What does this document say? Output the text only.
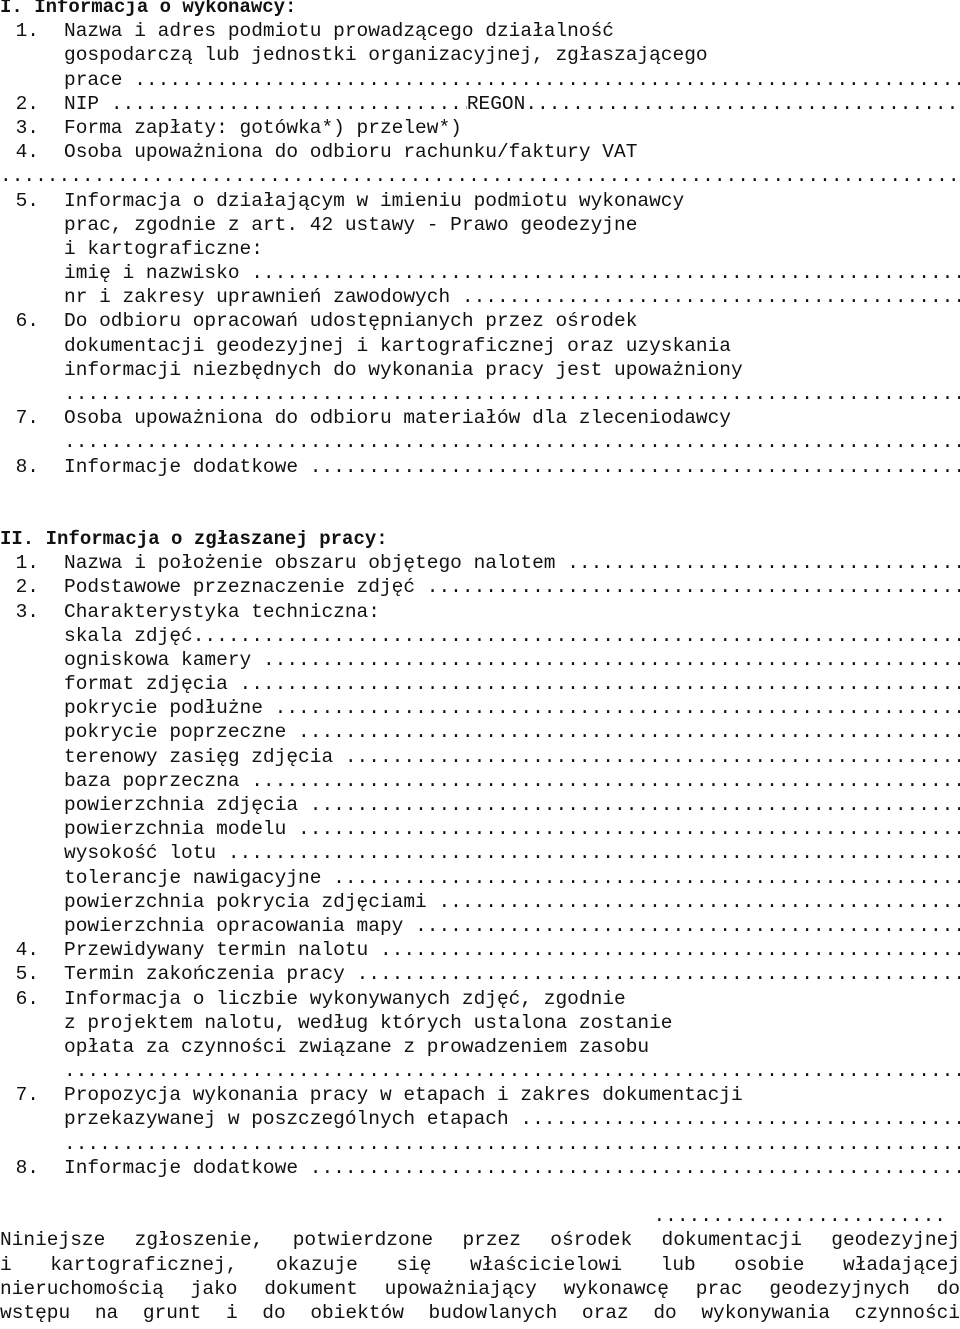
I. Informacja o wykonawcy:
1. Nazwa i adres podmiotu prowadzącego działalność
gospodarczą lub jednostki organizacyjnej, zgłaszającego
prace

.....
2. NIP

.....	REGON
.....
3. Forma zapłaty: gotówka*) przelew*)
4. Osoba upoważniona do odbioru rachunku/faktury VAT
.....
5. Informacja o działającym w imieniu podmiotu wykonawcy
prac, zgodnie z art. 42 ustawy - Prawo geodezyjne
i kartograficzne:
imię i nazwisko

.....
nr i zakresy uprawnień zawodowych

.....
6. Do odbioru opracowań udostępnianych przez ośrodek
dokumentacji geodezyjnej i kartograficznej oraz uzyskania
informacji niezbędnych do wykonania pracy jest upoważniony
.....
7. Osoba upoważniona do odbioru materiałów dla zleceniodawcy
.....
8. Informacje dodatkowe

.....
II. Informacja o zgłaszanej pracy:
1. Nazwa i położenie obszaru objętego nalotem

.....
2. Podstawowe przeznaczenie zdjęć

.....
3. Charakterystyka techniczna:
skala zdjęć
.....
ogniskowa kamery

.....
format zdjęcia

.....
pokrycie podłużne

.....
pokrycie poprzeczne

.....
terenowy zasięg zdjęcia

.....
baza poprzeczna

.....
powierzchnia zdjęcia

.....
powierzchnia modelu

.....
wysokość lotu

.....
tolerancje nawigacyjne

.....
powierzchnia pokrycia zdjęciami

.....
powierzchnia opracowania mapy

.....
4. Przewidywany termin nalotu

.....
5. Termin zakończenia pracy

.....
6. Informacja o liczbie wykonywanych zdjęć, zgodnie
z projektem nalotu, według których ustalona zostanie
opłata za czynności związane z prowadzeniem zasobu
.....
7. Propozycja wykonania pracy w etapach i zakres dokumentacji
przekazywanej w poszczególnych etapach

.....
.....
8. Informacje dodatkowe

.....
.........................
Niniejsze zgłoszenie, potwierdzone przez ośrodek dokumentacji geodezyjnej
i kartograficznej, okazuje się właścicielowi lub osobie władającej
nieruchomością jako dokument upoważniający wykonawcę prac geodezyjnych do
wstępu na grunt i do obiektów budowlanych oraz do wykonywania czynności
